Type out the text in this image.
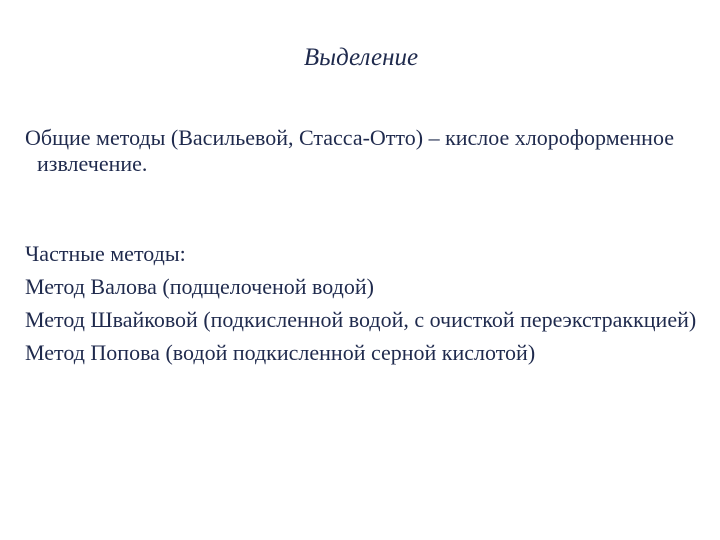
Выделение

Общие методы (Васильевой, Стасса-Отто) – кислое хлороформенное извлечение.

Частные методы:

Метод Валова (подщелоченой водой)

Метод Швайковой (подкисленной водой, с очисткой переэкстраккцией)

Метод Попова (водой подкисленной серной кислотой)
